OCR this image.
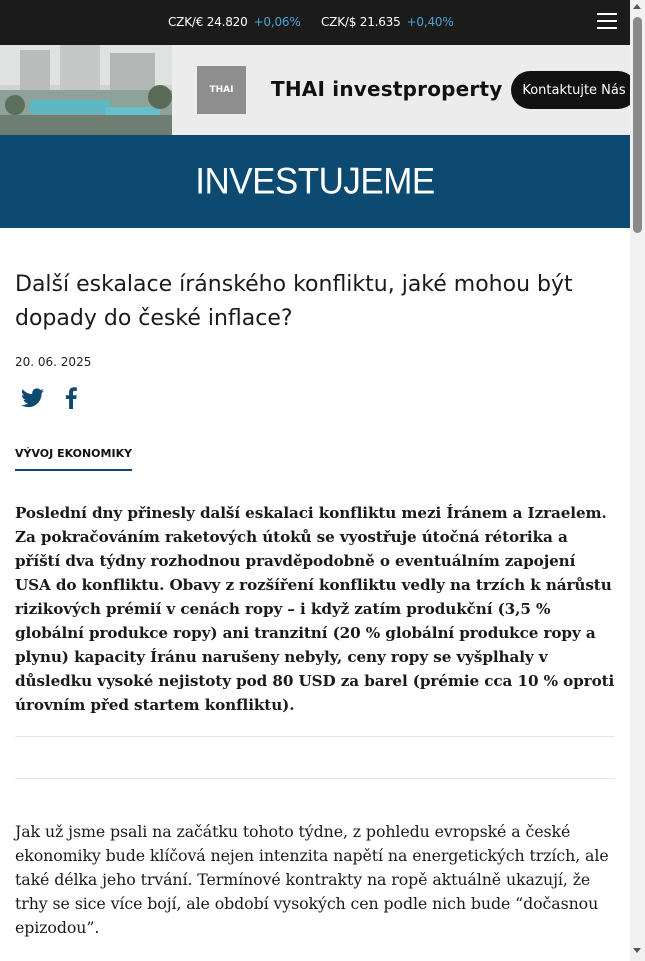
CZK/€ 24.820 +0,06% CZK/$ 21.635 +0,40%
THAI	THAI investproperty	Kontaktujte Nás
INVESTUJEME
Další eskalace íránského konfliktu, jaké mohou být dopady do české inflace?
20. 06. 2025
VÝVOJ EKONOMIKY

Poslední dny přinesly další eskalaci konfliktu mezi Íránem a Izraelem. Za pokračováním raketových útoků se vyostřuje útočná rétorika a příští dva týdny rozhodnou pravděpodobně o eventuálním zapojení USA do konfliktu. Obavy z rozšíření konfliktu vedly na trzích k nárůstu rizikových prémií v cenách ropy – i když zatím produkční (3,5 % globální produkce ropy) ani tranzitní (20 % globální produkce ropy a plynu) kapacity Íránu narušeny nebyly, ceny ropy se vyšplhaly v důsledku vysoké nejistoty pod 80 USD za barel (prémie cca 10 % oproti úrovním před startem konfliktu).

Jak už jsme psali na začátku tohoto týdne, z pohledu evropské a české ekonomiky bude klíčová nejen intenzita napětí na energetických trzích, ale také délka jeho trvání. Termínové kontrakty na ropě aktuálně ukazují, že trhy se sice více bojí, ale období vysokých cen podle nich bude “dočasnou epizodou”.
